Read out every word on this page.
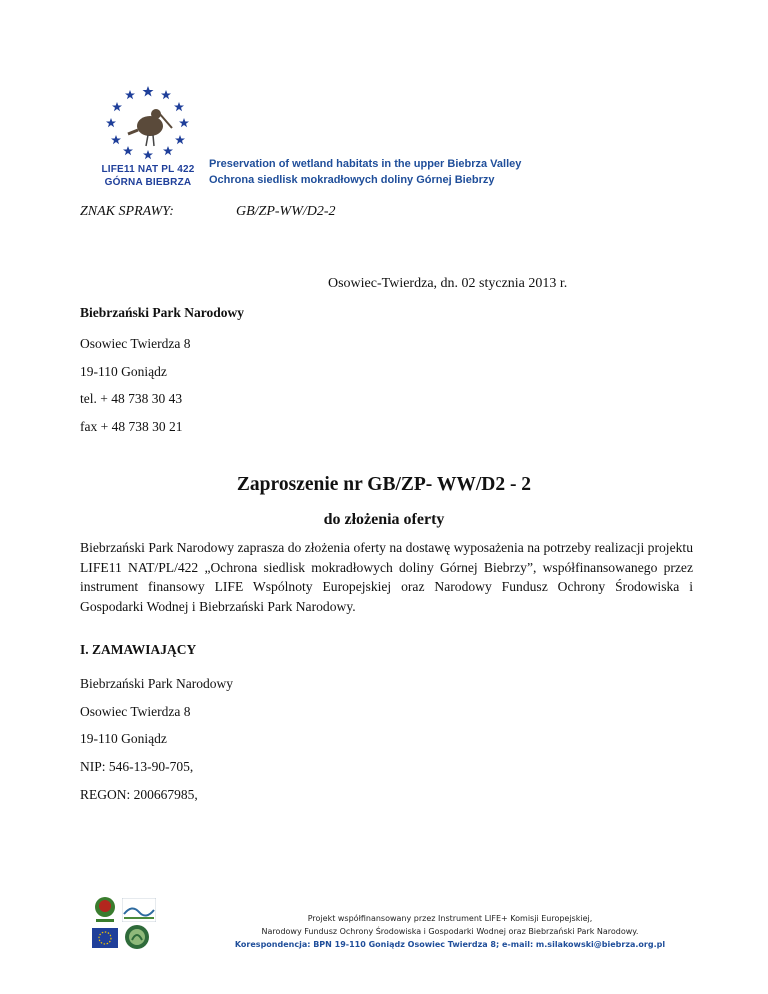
LIFE11 NAT PL 422
GÓRNA BIEBRZA
Preservation of wetland habitats in the upper Biebrza Valley
Ochrona siedlisk mokradłowych doliny Górnej Biebrzy
ZNAK SPRAWY:	GB/ZP-WW/D2-2
Osowiec-Twierdza, dn. 02 stycznia 2013 r.
Biebrzański Park Narodowy
Osowiec Twierdza 8
19-110 Goniądz
tel. + 48 738 30 43
fax + 48 738 30 21
Zaproszenie nr GB/ZP- WW/D2 - 2
do złożenia oferty
Biebrzański Park Narodowy zaprasza do złożenia oferty na dostawę wyposażenia na potrzeby realizacji projektu LIFE11 NAT/PL/422 „Ochrona siedlisk mokradłowych doliny Górnej Biebrzy”, współfinansowanego przez instrument finansowy LIFE Wspólnoty Europejskiej oraz Narodowy Fundusz Ochrony Środowiska i Gospodarki Wodnej i Biebrzański Park Narodowy.
I. ZAMAWIAJĄCY
Biebrzański Park Narodowy
Osowiec Twierdza 8
19-110 Goniądz
NIP: 546-13-90-705,
REGON: 200667985,
Projekt współfinansowany przez Instrument LIFE+ Komisji Europejskiej,
Narodowy Fundusz Ochrony Środowiska i Gospodarki Wodnej oraz Biebrzański Park Narodowy.
Korespondencja: BPN 19-110 Goniądz Osowiec Twierdza 8; e-mail: m.silakowski@biebrza.org.pl
